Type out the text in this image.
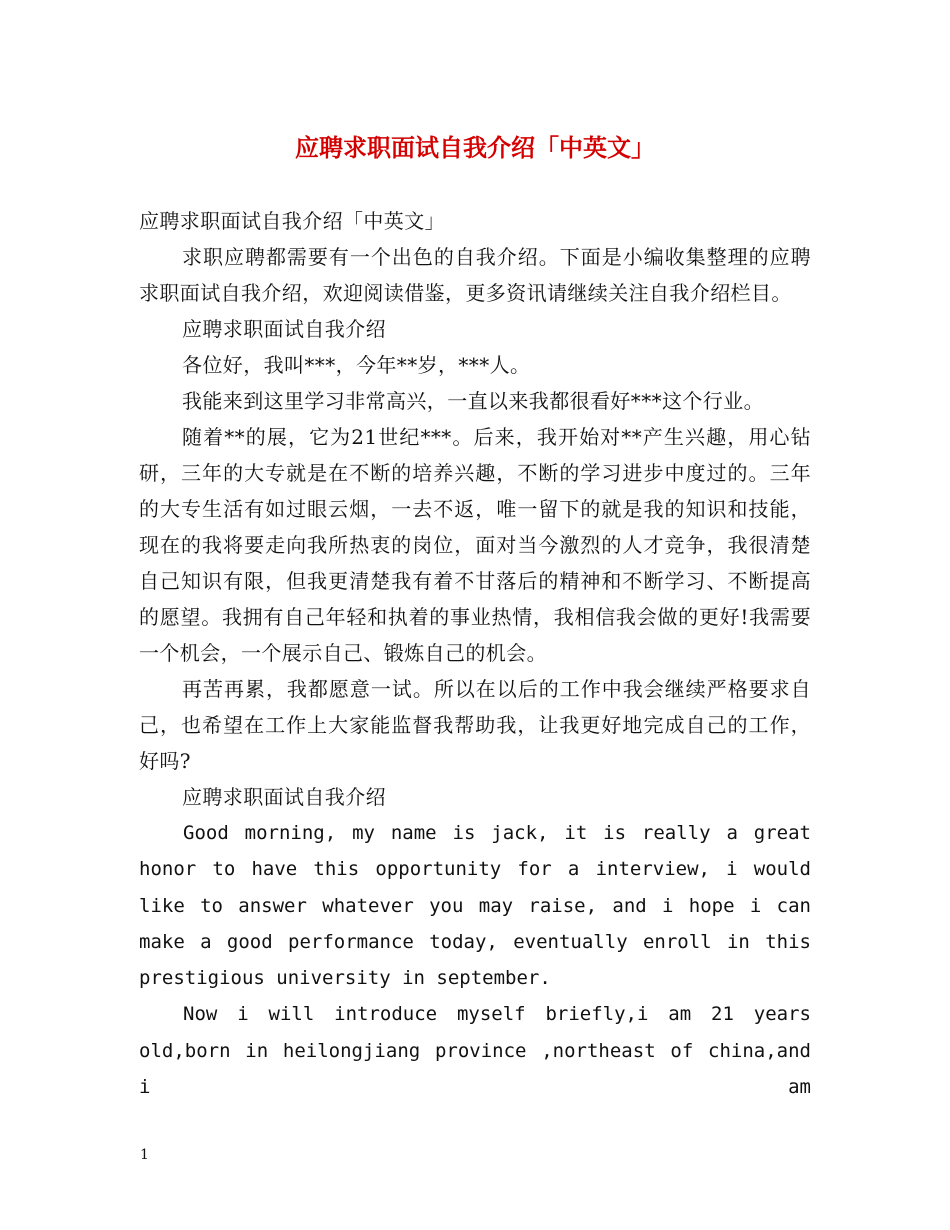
应聘求职面试自我介绍「中英文」

应聘求职面试自我介绍「中英文」

求职应聘都需要有一个出色的自我介绍。下面是小编收集整理的应聘求职面试自我介绍，欢迎阅读借鉴，更多资讯请继续关注自我介绍栏目。

应聘求职面试自我介绍

各位好，我叫***，今年**岁，***人。

我能来到这里学习非常高兴，一直以来我都很看好***这个行业。

随着**的展，它为21世纪***。后来，我开始对**产生兴趣，用心钻研，三年的大专就是在不断的培养兴趣，不断的学习进步中度过的。三年的大专生活有如过眼云烟，一去不返，唯一留下的就是我的知识和技能，现在的我将要走向我所热衷的岗位，面对当今激烈的人才竞争，我很清楚自己知识有限，但我更清楚我有着不甘落后的精神和不断学习、不断提高的愿望。我拥有自己年轻和执着的事业热情，我相信我会做的更好!我需要一个机会，一个展示自己、锻炼自己的机会。

再苦再累，我都愿意一试。所以在以后的工作中我会继续严格要求自己，也希望在工作上大家能监督我帮助我，让我更好地完成自己的工作，好吗?

应聘求职面试自我介绍

Good morning, my name is jack, it is really a great honor to have this opportunity for a interview, i would like to answer whatever you may raise, and i hope i can make a good performance today, eventually enroll in this prestigious university in september.

Now i will introduce myself briefly,i am 21 years old,born in heilongjiang province ,northeast of china,and i am

1
